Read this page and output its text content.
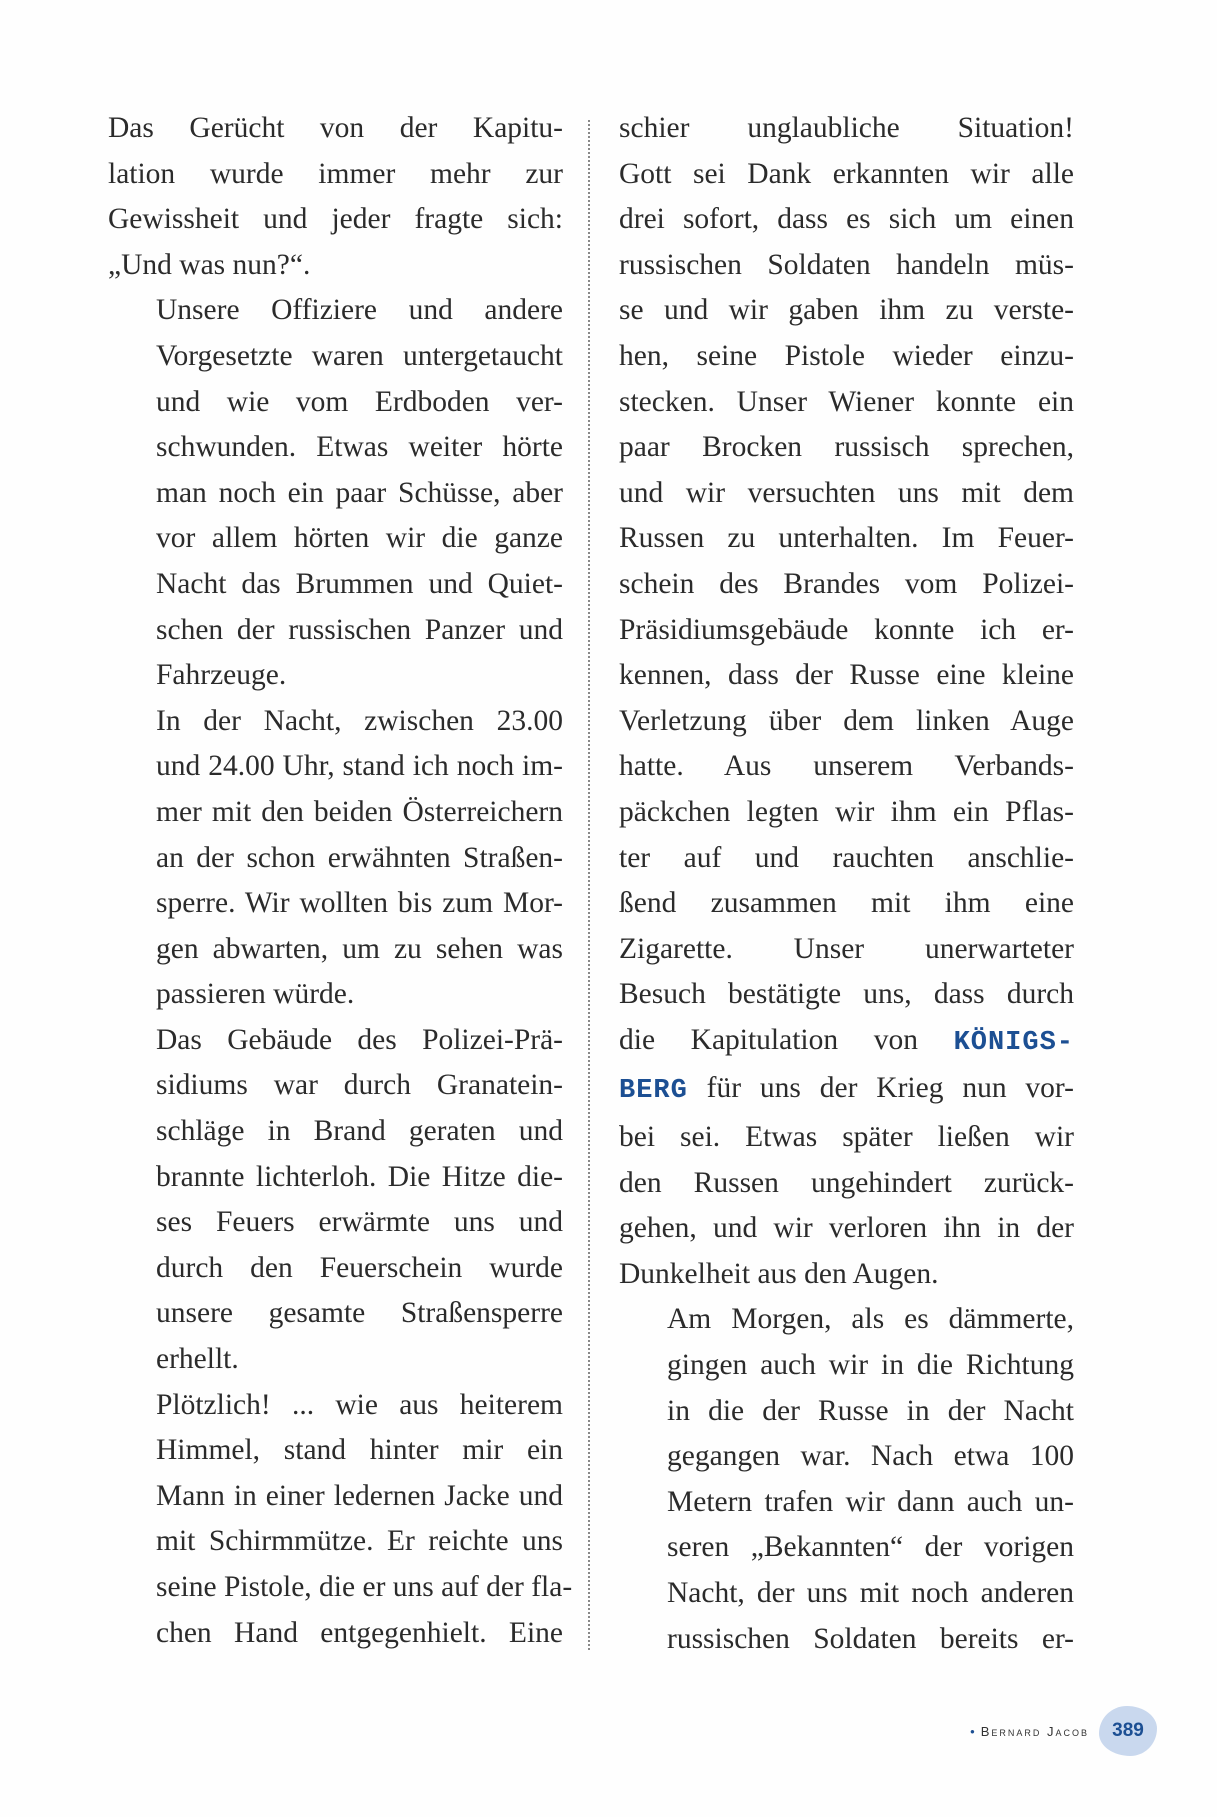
Das Gerücht von der Kapitu-
lation wurde immer mehr zur
Gewissheit und jeder fragte sich:
„Und was nun?“.

Unsere Offiziere und andere
Vorgesetzte waren untergetaucht
und wie vom Erdboden ver-
schwunden. Etwas weiter hörte
man noch ein paar Schüsse, aber
vor allem hörten wir die ganze
Nacht das Brummen und Quiet-
schen der russischen Panzer und
Fahrzeuge.

In der Nacht, zwischen 23.00
und 24.00 Uhr, stand ich noch im-
mer mit den beiden Österreichern
an der schon erwähnten Straßen-
sperre. Wir wollten bis zum Mor-
gen abwarten, um zu sehen was
passieren würde.

Das Gebäude des Polizei-Prä-
sidiums war durch Granatein-
schläge in Brand geraten und
brannte lichterloh. Die Hitze die-
ses Feuers erwärmte uns und
durch den Feuerschein wurde
unsere gesamte Straßensperre
erhellt.

Plötzlich! ... wie aus heiterem
Himmel, stand hinter mir ein
Mann in einer ledernen Jacke und
mit Schirmmütze. Er reichte uns
seine Pistole, die er uns auf der fla-
chen Hand entgegenhielt. Eine

schier unglaubliche Situation!
Gott sei Dank erkannten wir alle
drei sofort, dass es sich um einen
russischen Soldaten handeln müs-
se und wir gaben ihm zu verste-
hen, seine Pistole wieder einzu-
stecken. Unser Wiener konnte ein
paar Brocken russisch sprechen,
und wir versuchten uns mit dem
Russen zu unterhalten. Im Feuer-
schein des Brandes vom Polizei-
Präsidiumsgebäude konnte ich er-
kennen, dass der Russe eine kleine
Verletzung über dem linken Auge
hatte. Aus unserem Verbands-
päckchen legten wir ihm ein Pflas-
ter auf und rauchten anschlie-
ßend zusammen mit ihm eine
Zigarette. Unser unerwarteter
Besuch bestätigte uns, dass durch
die Kapitulation von KÖNIGS-
BERG für uns der Krieg nun vor-
bei sei. Etwas später ließen wir
den Russen ungehindert zurück-
gehen, und wir verloren ihn in der
Dunkelheit aus den Augen.

Am Morgen, als es dämmerte,
gingen auch wir in die Richtung
in die der Russe in der Nacht
gegangen war. Nach etwa 100
Metern trafen wir dann auch un-
seren „Bekannten“ der vorigen
Nacht, der uns mit noch anderen
russischen Soldaten bereits er-

• Bernard Jacob 389
